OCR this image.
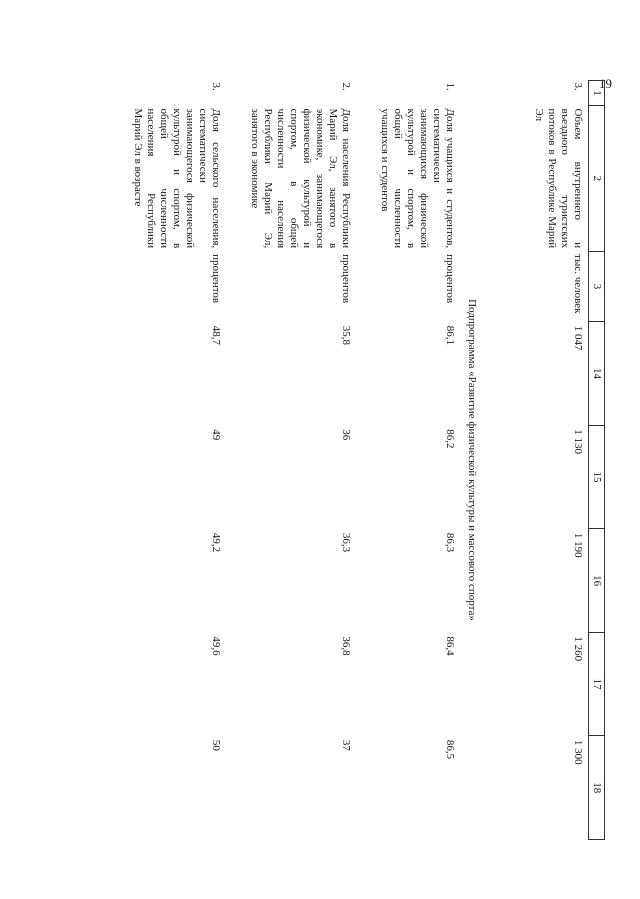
19
1	2	3	14	15	16	17	18
3.	Объем внутреннего и въездного туристских потоков в Республике Марий Эл	тыс. человек	1 047	1 130	1 190	1 260	1 300
Подпрограмма «Развитие физической культуры и массового спорта»							
1.	Доля учащихся и студентов, систематически занимающихся физической культурой и спортом, в общей численности учащихся и студентов	процентов	86,1	86,2	86,3	86,4	86,5
2.	Доля населения Республики Марий Эл, занятого в экономике, занимающегося физической культурой и спортом, в общей численности населения Республики Марий Эл, занятого в экономике	процентов	35,8	36	36,3	36,8	37
3.	Доля сельского населения, систематически занимающегося физической культурой и спортом, в общей численности населения Республики Марий Эл в возрасте	процентов	48,7	49	49,2	49,6	50
